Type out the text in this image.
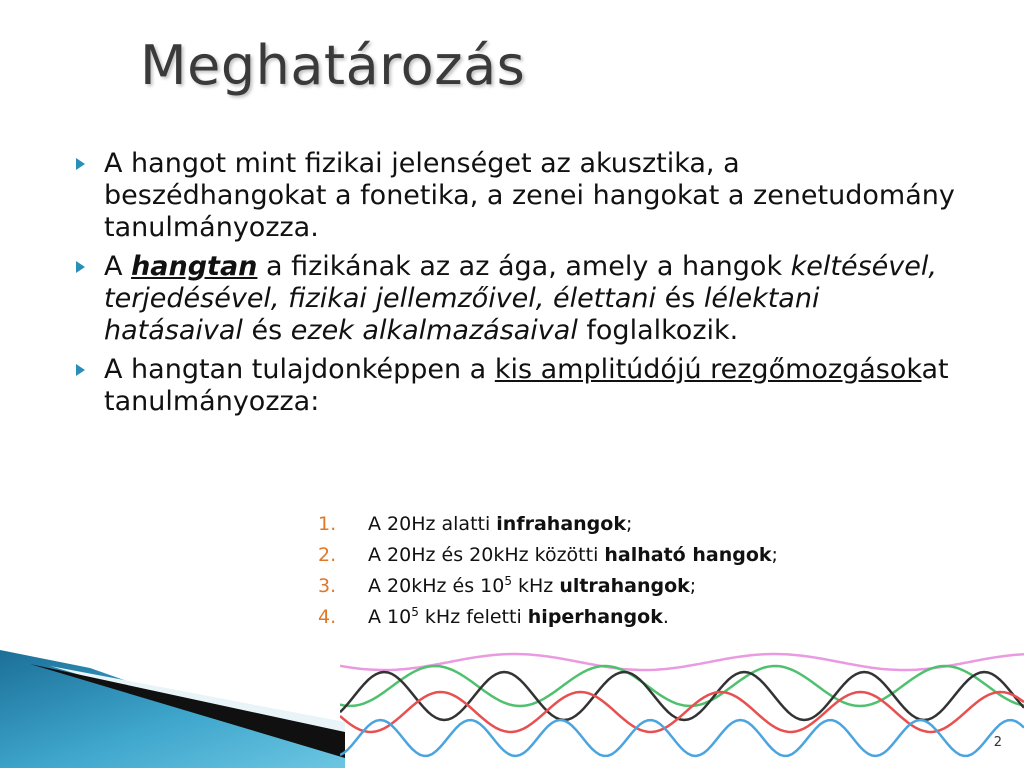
Meghatározás
A hangot mint fizikai jelenséget az akusztika, a beszédhangokat a fonetika, a zenei hangokat a zenetudomány tanulmányozza.
A hangtan a fizikának az az ága, amely a hangok keltésével, terjedésével, fizikai jellemzőivel, élettani és lélektani hatásaival és ezek alkalmazásaival foglalkozik.
A hangtan tulajdonképpen a kis amplitúdójú rezgőmozgásokat tanulmányozza:
1. A 20Hz alatti infrahangok;
2. A 20Hz és 20kHz közötti halható hangok;
3. A 20kHz és $10^5$ kHz ultrahangok;
4. A $10^5$ kHz feletti hiperhangok.
2
